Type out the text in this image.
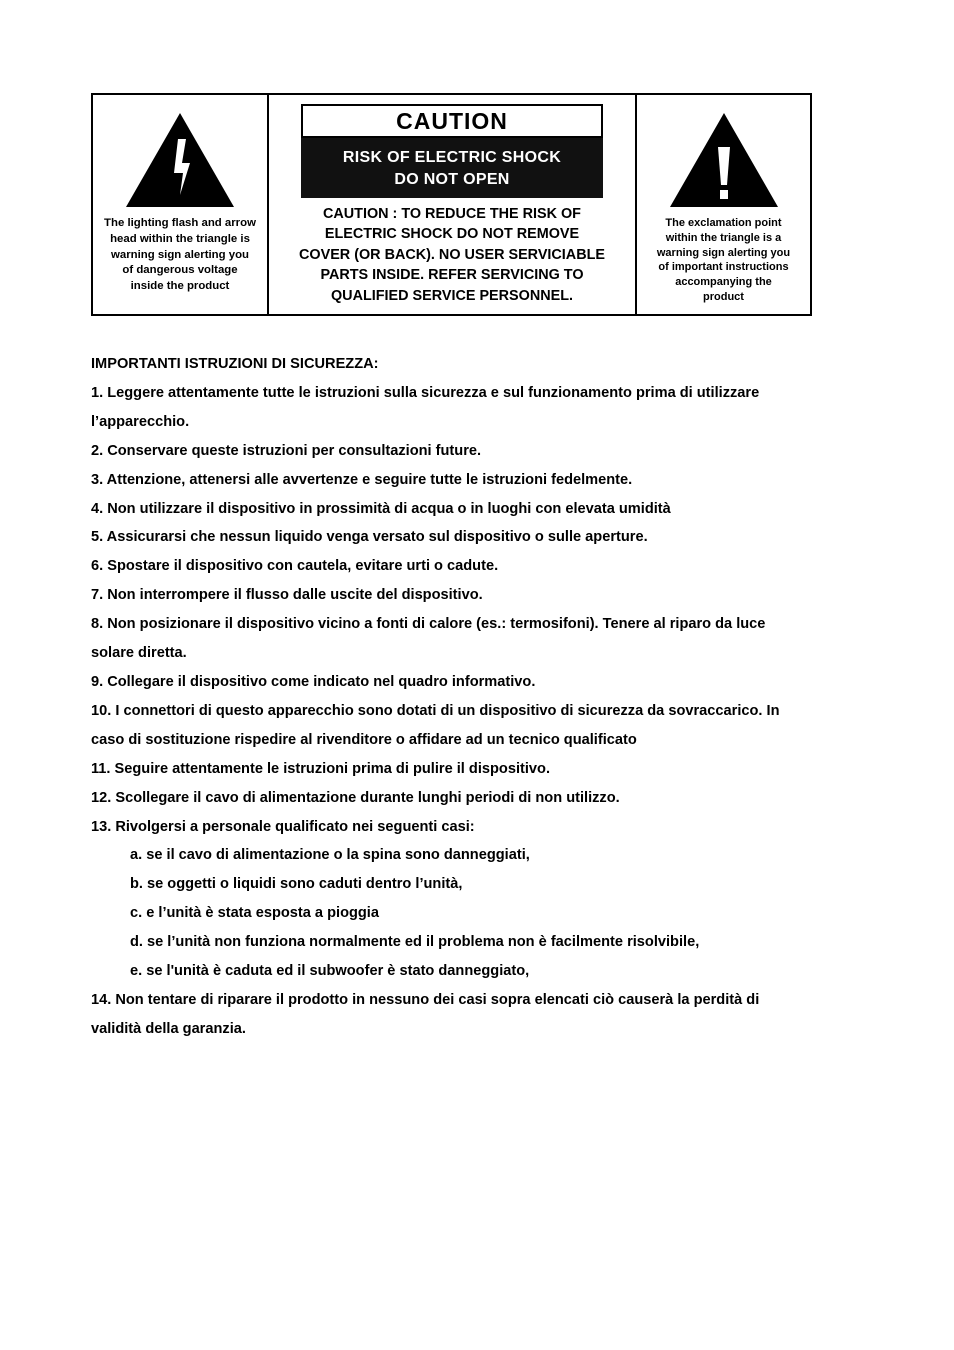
The lighting flash and arrow
head within the triangle is
warning sign alerting you
of dangerous voltage
inside the product
CAUTION
RISK OF ELECTRIC SHOCK
DO NOT OPEN
CAUTION : TO REDUCE THE RISK OF
ELECTRIC SHOCK DO NOT REMOVE
COVER (OR BACK). NO USER SERVICIABLE
PARTS INSIDE. REFER SERVICING TO
QUALIFIED SERVICE PERSONNEL.
The exclamation point
within the triangle is a
warning sign alerting you
of important instructions
accompanying the
product

IMPORTANTI ISTRUZIONI DI SICUREZZA:

1. Leggere attentamente tutte le istruzioni sulla sicurezza e sul funzionamento prima di utilizzare

l’apparecchio.

2. Conservare queste istruzioni per consultazioni future.

3. Attenzione, attenersi alle avvertenze e seguire tutte le istruzioni fedelmente.

4. Non utilizzare il dispositivo in prossimità di acqua o in luoghi con elevata umidità

5. Assicurarsi che nessun liquido venga versato sul dispositivo o sulle aperture.

6. Spostare il dispositivo con cautela, evitare urti o cadute.

7. Non interrompere il flusso dalle uscite del dispositivo.

8. Non posizionare il dispositivo vicino a fonti di calore (es.: termosifoni). Tenere al riparo da luce

solare diretta.

9. Collegare il dispositivo come indicato nel quadro informativo.

10. I connettori di questo apparecchio sono dotati di un dispositivo di sicurezza da sovraccarico. In

caso di sostituzione rispedire al rivenditore o affidare ad un tecnico qualificato

11. Seguire attentamente le istruzioni prima di pulire il dispositivo.

12. Scollegare il cavo di alimentazione durante lunghi periodi di non utilizzo.

13. Rivolgersi a personale qualificato nei seguenti casi:

a. se il cavo di alimentazione o la spina sono danneggiati,

b. se oggetti o liquidi sono caduti dentro l’unità,

c. e l’unità è stata esposta a pioggia

d. se l’unità non funziona normalmente ed il problema non è facilmente risolvibile,

e. se l'unità è caduta ed il subwoofer è stato danneggiato,

14. Non tentare di riparare il prodotto in nessuno dei casi sopra elencati ciò causerà la perdità di

validità della garanzia.
